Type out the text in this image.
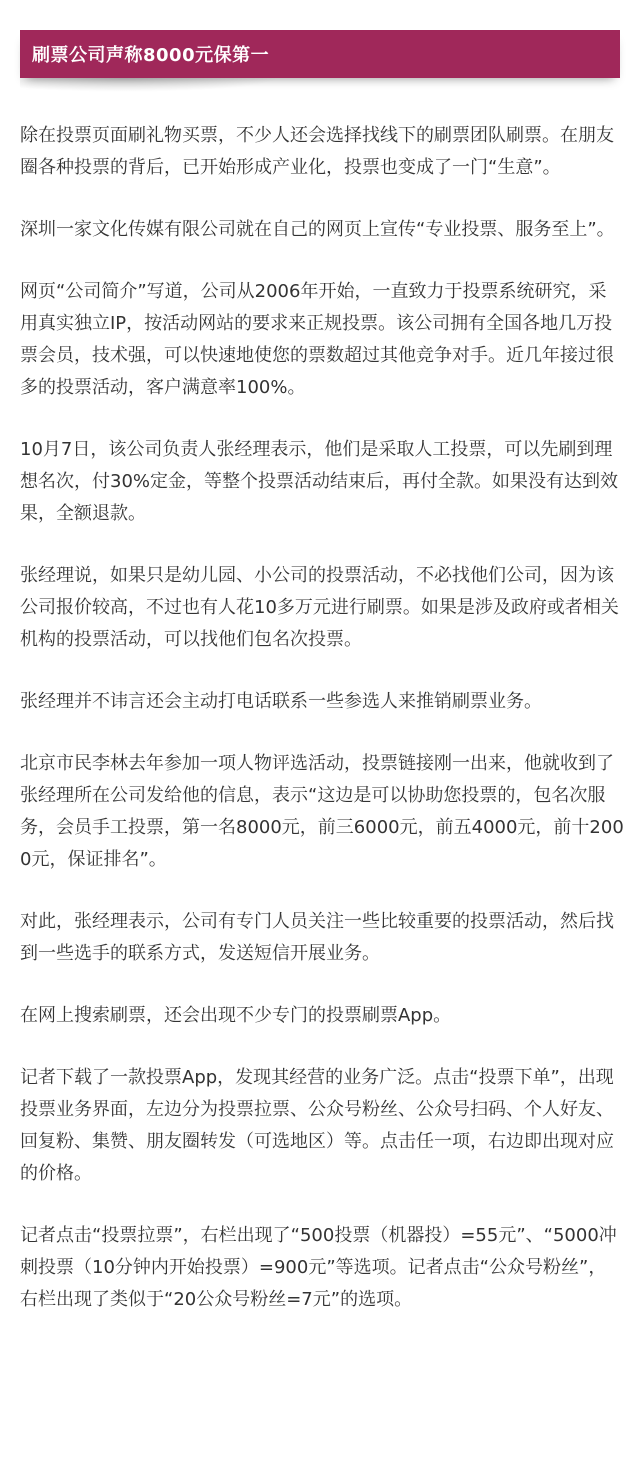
刷票公司声称8000元保第一

除在投票页面刷礼物买票，不少人还会选择找线下的刷票团队刷票。在朋友圈各种投票的背后，已开始形成产业化，投票也变成了一门“生意”。

深圳一家文化传媒有限公司就在自己的网页上宣传“专业投票、服务至上”。

网页“公司简介”写道，公司从2006年开始，一直致力于投票系统研究，采用真实独立IP，按活动网站的要求来正规投票。该公司拥有全国各地几万投票会员，技术强，可以快速地使您的票数超过其他竞争对手。近几年接过很多的投票活动，客户满意率100%。

10月7日，该公司负责人张经理表示，他们是采取人工投票，可以先刷到理想名次，付30%定金，等整个投票活动结束后，再付全款。如果没有达到效果，全额退款。

张经理说，如果只是幼儿园、小公司的投票活动，不必找他们公司，因为该公司报价较高，不过也有人花10多万元进行刷票。如果是涉及政府或者相关机构的投票活动，可以找他们包名次投票。

张经理并不讳言还会主动打电话联系一些参选人来推销刷票业务。

北京市民李林去年参加一项人物评选活动，投票链接刚一出来，他就收到了张经理所在公司发给他的信息，表示“这边是可以协助您投票的，包名次服务，会员手工投票，第一名8000元，前三6000元，前五4000元，前十2000元，保证排名”。

对此，张经理表示，公司有专门人员关注一些比较重要的投票活动，然后找到一些选手的联系方式，发送短信开展业务。

在网上搜索刷票，还会出现不少专门的投票刷票App。

记者下载了一款投票App，发现其经营的业务广泛。点击“投票下单”，出现投票业务界面，左边分为投票拉票、公众号粉丝、公众号扫码、个人好友、回复粉、集赞、朋友圈转发（可选地区）等。点击任一项，右边即出现对应的价格。

记者点击“投票拉票”，右栏出现了“500投票（机器投）=55元”、“5000冲刺投票（10分钟内开始投票）=900元”等选项。记者点击“公众号粉丝”，右栏出现了类似于“20公众号粉丝=7元”的选项。
